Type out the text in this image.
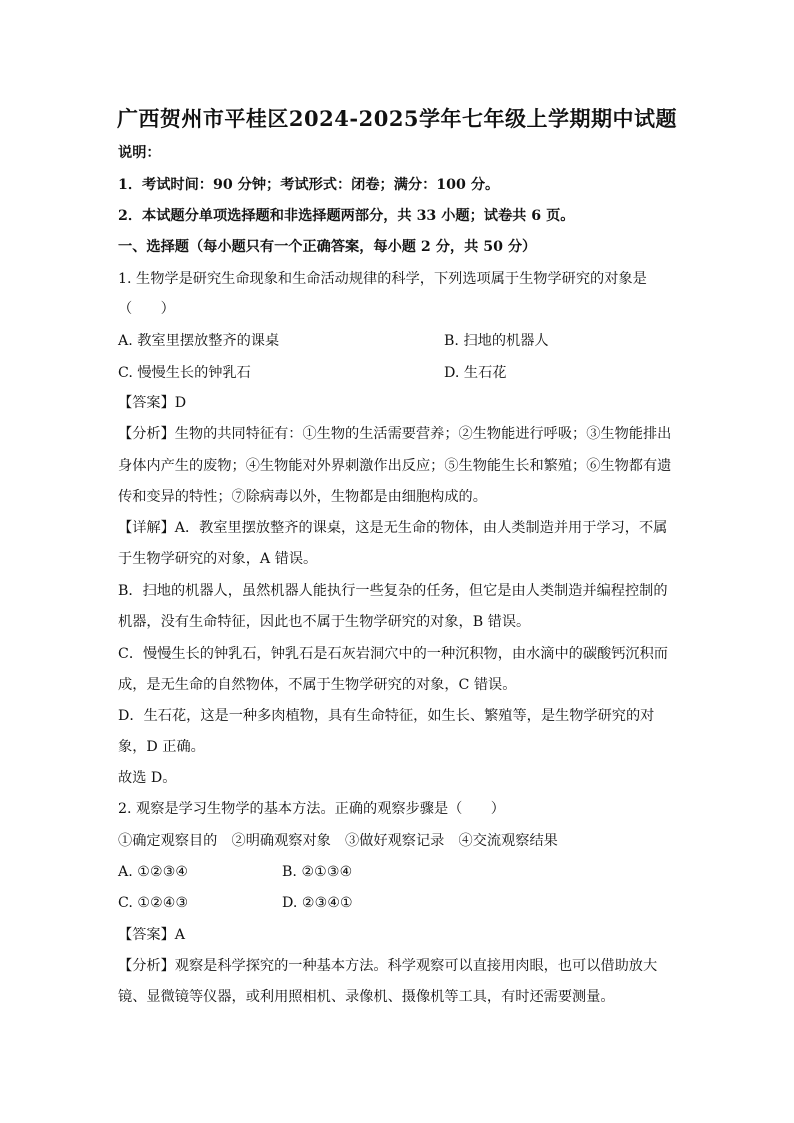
广西贺州市平桂区2024-2025学年七年级上学期期中试题
说明：
1．考试时间：90 分钟；考试形式：闭卷；满分：100 分。
2．本试题分单项选择题和非选择题两部分，共 33 小题；试卷共 6 页。
一、选择题（每小题只有一个正确答案，每小题 2 分，共 50 分）
1. 生物学是研究生命现象和生命活动规律的科学，下列选项属于生物学研究的对象是
（　　）
A. 教室里摆放整齐的课桌	B. 扫地的机器人
C. 慢慢生长的钟乳石	D. 生石花
【答案】D
【分析】生物的共同特征有：①生物的生活需要营养；②生物能进行呼吸；③生物能排出
身体内产生的废物；④生物能对外界刺激作出反应；⑤生物能生长和繁殖；⑥生物都有遗
传和变异的特性；⑦除病毒以外，生物都是由细胞构成的。
【详解】A．教室里摆放整齐的课桌，这是无生命的物体，由人类制造并用于学习，不属
于生物学研究的对象，A 错误。
B．扫地的机器人，虽然机器人能执行一些复杂的任务，但它是由人类制造并编程控制的
机器，没有生命特征，因此也不属于生物学研究的对象，B 错误。
C．慢慢生长的钟乳石，钟乳石是石灰岩洞穴中的一种沉积物，由水滴中的碳酸钙沉积而
成，是无生命的自然物体，不属于生物学研究的对象，C 错误。
D．生石花，这是一种多肉植物，具有生命特征，如生长、繁殖等，是生物学研究的对
象，D 正确。
故选 D。
2. 观察是学习生物学的基本方法。正确的观察步骤是（　　）
①确定观察目的　②明确观察对象　③做好观察记录　④交流观察结果
A. ①②③④	B. ②①③④
C. ①②④③	D. ②③④①
【答案】A
【分析】观察是科学探究的一种基本方法。科学观察可以直接用肉眼，也可以借助放大
镜、显微镜等仪器，或利用照相机、录像机、摄像机等工具，有时还需要测量。
